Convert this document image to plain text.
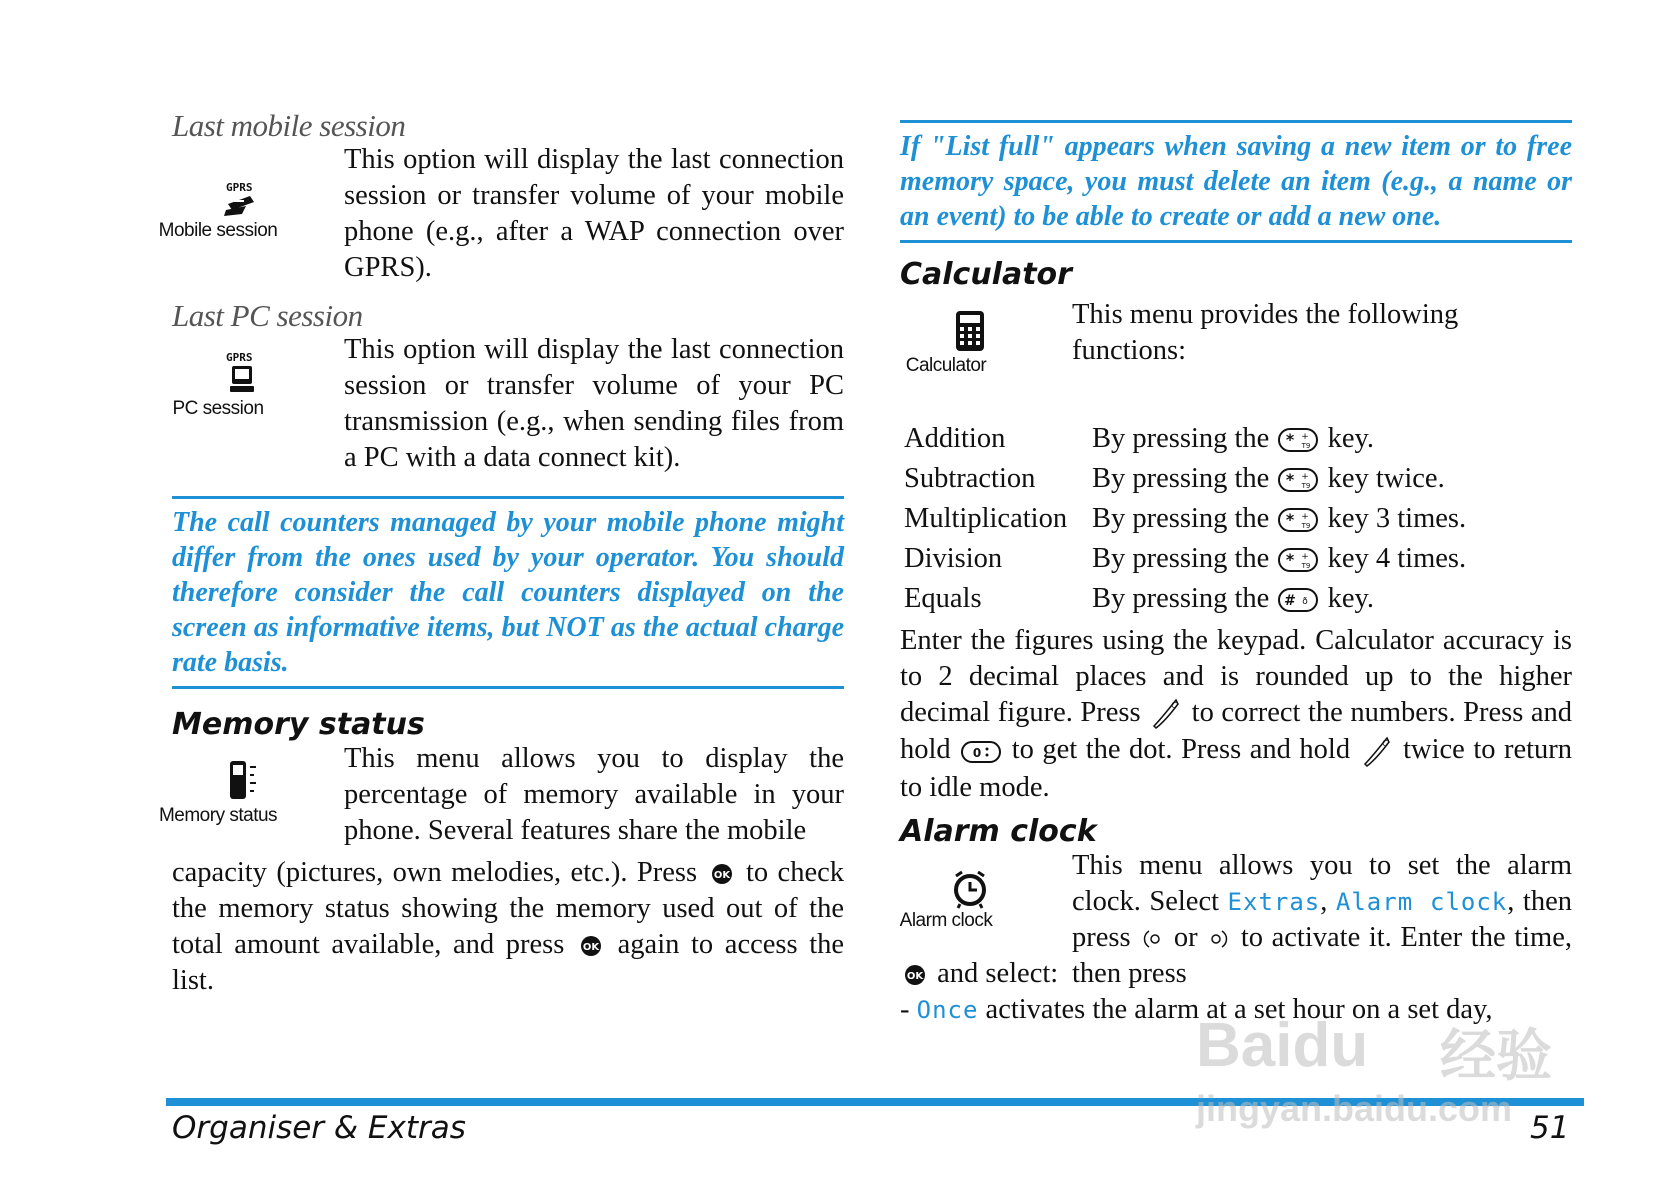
Last mobile session
GPRS
Mobile session

This option will display the last connection session or transfer volume of your mobile phone (e.g., after a WAP connection over GPRS).

Last PC session
GPRS
PC session

This option will display the last connection session or transfer volume of your PC transmission (e.g., when sending files from a PC with a data connect kit).

The call counters managed by your mobile phone might differ from the ones used by your operator. You should therefore consider the call counters displayed on the screen as informative items, but NOT as the actual charge rate basis.
Memory status
Memory status

This menu allows you to display the percentage of memory available in your phone. Several features share the mobile

capacity (pictures, own melodies, etc.). Press OK to check the memory status showing the memory used out of the total amount available, and press OK again to access the list.

If "List full" appears when saving a new item or to free memory space, you must delete an item (e.g., a name or an event) to be able to create or add a new one.
Calculator
Calculator

This menu provides the following functions:

Addition	By pressing the * +
T9 key.
Subtraction	By pressing the * +
T9 key twice.
Multiplication	By pressing the * +
T9 key 3 times.
Division	By pressing the * +
T9 key 4 times.
Equals	By pressing the # ð key.

Enter the figures using the keypad. Calculator accuracy is to 2 decimal places and is rounded up to the higher decimal figure. Press	C to correct the numbers. Press and hold 0 to get the dot. Press and hold	C twice to return to idle mode.

Alarm clock
Alarm clock

This menu allows you to set the alarm clock. Select Extras, Alarm clock, then press or to activate it. Enter the time, then press

OK and select:
- Once activates the alarm at a set hour on a set day,

Organiser & Extras	51
Baidu 经验
jingyan.baidu.com
